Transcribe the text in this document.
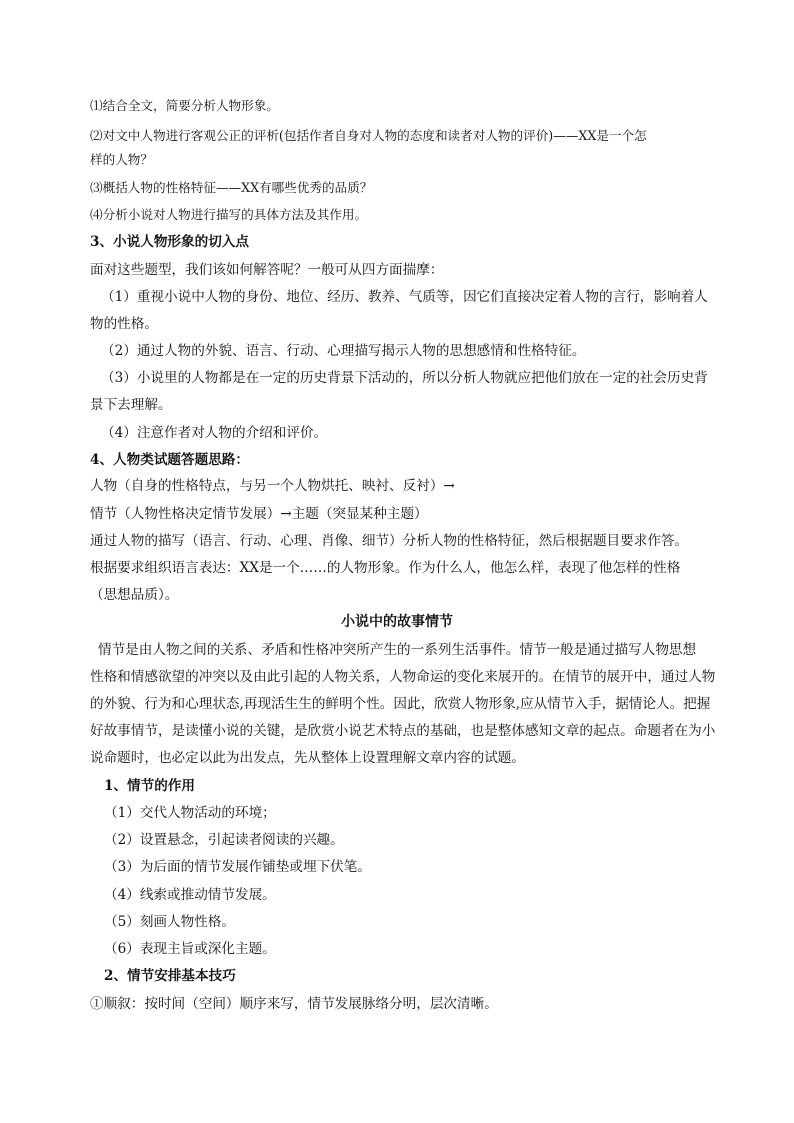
⑴结合全文，简要分析人物形象。
⑵对文中人物进行客观公正的评析(包括作者自身对人物的态度和读者对人物的评价)——XX是一个怎
样的人物？
⑶概括人物的性格特征——XX有哪些优秀的品质？
⑷分析小说对人物进行描写的具体方法及其作用。
3、小说人物形象的切入点
面对这些题型，我们该如何解答呢？一般可从四方面揣摩：
（1）重视小说中人物的身份、地位、经历、教养、气质等，因它们直接决定着人物的言行，影响着人
物的性格。
（2）通过人物的外貌、语言、行动、心理描写揭示人物的思想感情和性格特征。
（3）小说里的人物都是在一定的历史背景下活动的，所以分析人物就应把他们放在一定的社会历史背
景下去理解。
（4）注意作者对人物的介绍和评价。
4、人物类试题答题思路：
人物（自身的性格特点，与另一个人物烘托、映衬、反衬）→
情节（人物性格决定情节发展）→主题（突显某种主题）
通过人物的描写（语言、行动、心理、肖像、细节）分析人物的性格特征，然后根据题目要求作答。
根据要求组织语言表达：XX是一个……的人物形象。作为什么人，他怎么样，表现了他怎样的性格
（思想品质）。
小说中的故事情节
情节是由人物之间的关系、矛盾和性格冲突所产生的一系列生活事件。情节一般是通过描写人物思想
性格和情感欲望的冲突以及由此引起的人物关系，人物命运的变化来展开的。在情节的展开中，通过人物
的外貌、行为和心理状态,再现活生生的鲜明个性。因此，欣赏人物形象,应从情节入手，据情论人。把握
好故事情节，是读懂小说的关键，是欣赏小说艺术特点的基础，也是整体感知文章的起点。命题者在为小
说命题时，也必定以此为出发点，先从整体上设置理解文章内容的试题。
1、情节的作用
（1）交代人物活动的环境；
（2）设置悬念，引起读者阅读的兴趣。
（3）为后面的情节发展作铺垫或埋下伏笔。
（4）线索或推动情节发展。
（5）刻画人物性格。
（6）表现主旨或深化主题。
2、情节安排基本技巧
①顺叙：按时间（空间）顺序来写，情节发展脉络分明，层次清晰。
